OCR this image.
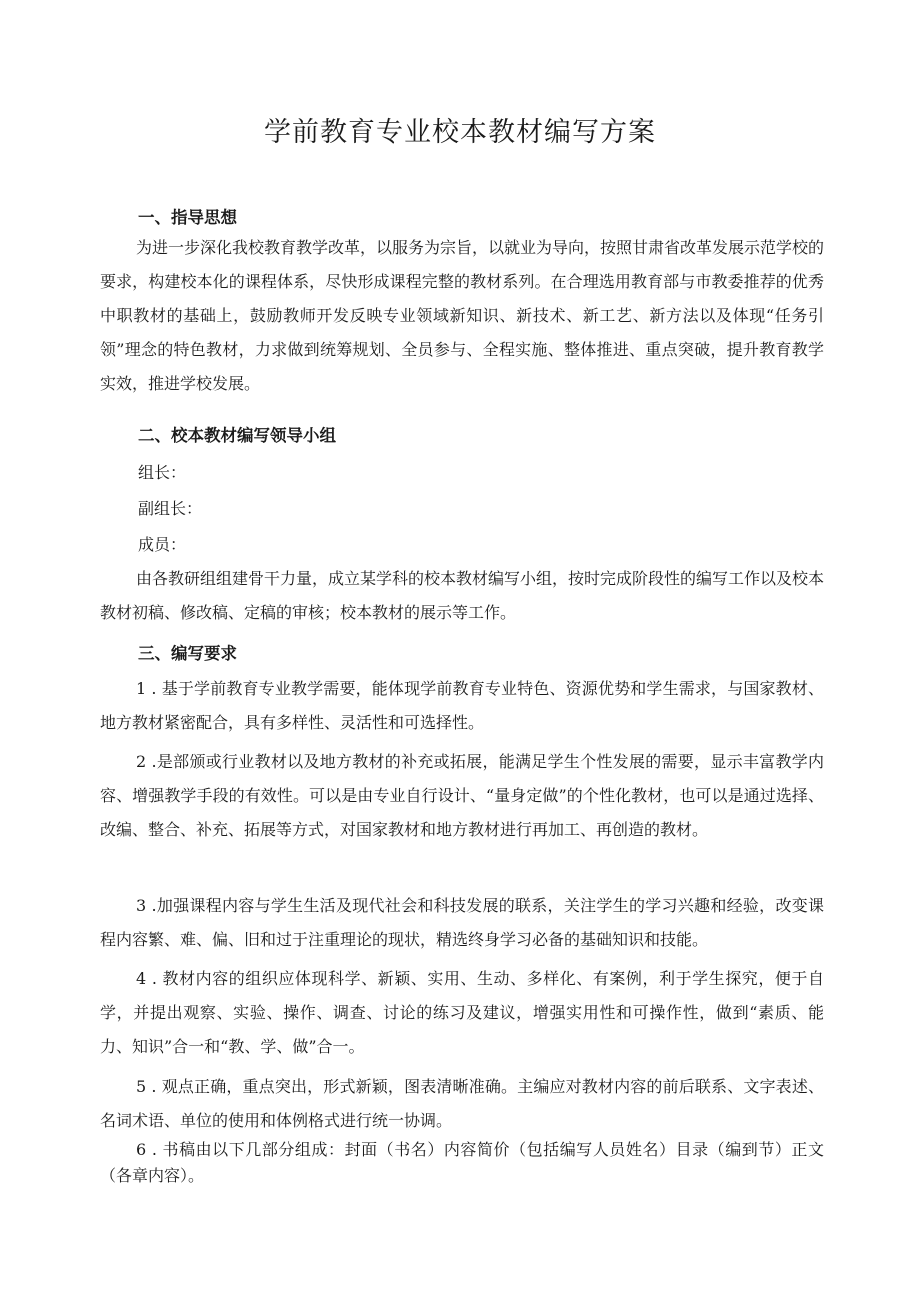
学前教育专业校本教材编写方案
一、指导思想

为进一步深化我校教育教学改革，以服务为宗旨，以就业为导向，按照甘肃省改革发展示范学校的要求，构建校本化的课程体系，尽快形成课程完整的教材系列。在合理选用教育部与市教委推荐的优秀中职教材的基础上，鼓励教师开发反映专业领域新知识、新技术、新工艺、新方法以及体现“任务引领”理念的特色教材，力求做到统筹规划、全员参与、全程实施、整体推进、重点突破，提升教育教学实效，推进学校发展。

二、校本教材编写领导小组

组长：

副组长：

成员：

由各教研组组建骨干力量，成立某学科的校本教材编写小组，按时完成阶段性的编写工作以及校本教材初稿、修改稿、定稿的审核；校本教材的展示等工作。

三、编写要求

1 . 基于学前教育专业教学需要，能体现学前教育专业特色、资源优势和学生需求，与国家教材、地方教材紧密配合，具有多样性、灵活性和可选择性。

2 .是部颁或行业教材以及地方教材的补充或拓展，能满足学生个性发展的需要，显示丰富教学内容、增强教学手段的有效性。可以是由专业自行设计、“量身定做”的个性化教材，也可以是通过选择、改编、整合、补充、拓展等方式，对国家教材和地方教材进行再加工、再创造的教材。

3 .加强课程内容与学生生活及现代社会和科技发展的联系，关注学生的学习兴趣和经验，改变课程内容繁、难、偏、旧和过于注重理论的现状，精选终身学习必备的基础知识和技能。

4 . 教材内容的组织应体现科学、新颖、实用、生动、多样化、有案例，利于学生探究，便于自学，并提出观察、实验、操作、调查、讨论的练习及建议，增强实用性和可操作性，做到“素质、能力、知识”合一和“教、学、做”合一。

5 . 观点正确，重点突出，形式新颖，图表清晰准确。主编应对教材内容的前后联系、文字表述、名词术语、单位的使用和体例格式进行统一协调。

6 . 书稿由以下几部分组成：封面（书名）内容简价（包括编写人员姓名）目录（编到节）正文（各章内容）。
